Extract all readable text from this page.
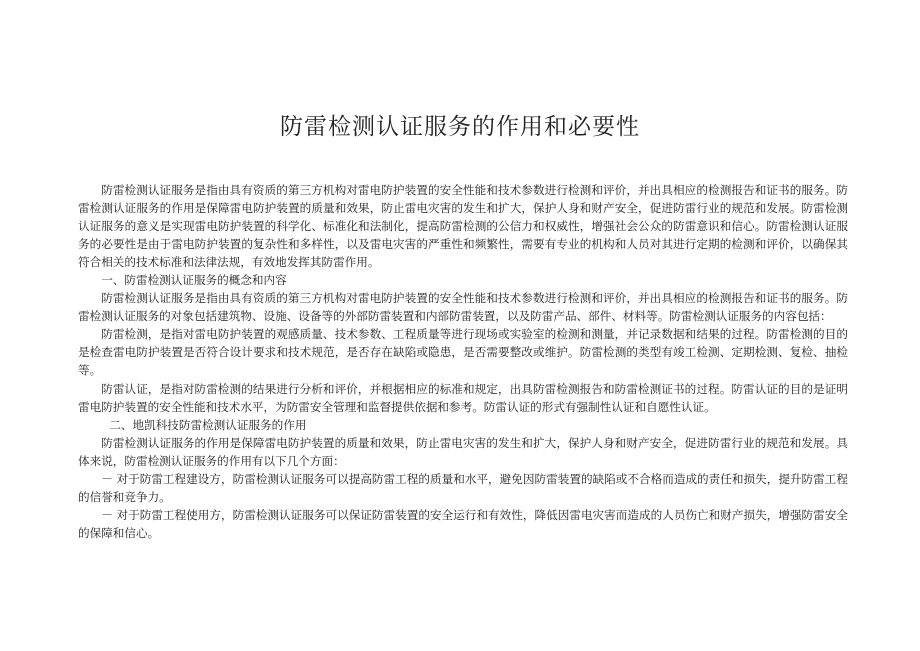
防雷检测认证服务的作用和必要性

防雷检测认证服务是指由具有资质的第三方机构对雷电防护装置的安全性能和技术参数进行检测和评价，并出具相应的检测报告和证书的服务。防雷检测认证服务的作用是保障雷电防护装置的质量和效果，防止雷电灾害的发生和扩大，保护人身和财产安全，促进防雷行业的规范和发展。防雷检测认证服务的意义是实现雷电防护装置的科学化、标准化和法制化，提高防雷检测的公信力和权威性，增强社会公众的防雷意识和信心。防雷检测认证服务的必要性是由于雷电防护装置的复杂性和多样性，以及雷电灾害的严重性和频繁性，需要有专业的机构和人员对其进行定期的检测和评价，以确保其符合相关的技术标准和法律法规，有效地发挥其防雷作用。

一、防雷检测认证服务的概念和内容

防雷检测认证服务是指由具有资质的第三方机构对雷电防护装置的安全性能和技术参数进行检测和评价，并出具相应的检测报告和证书的服务。防雷检测认证服务的对象包括建筑物、设施、设备等的外部防雷装置和内部防雷装置，以及防雷产品、部件、材料等。防雷检测认证服务的内容包括：

防雷检测，是指对雷电防护装置的观感质量、技术参数、工程质量等进行现场或实验室的检测和测量，并记录数据和结果的过程。防雷检测的目的是检查雷电防护装置是否符合设计要求和技术规范，是否存在缺陷或隐患，是否需要整改或维护。防雷检测的类型有竣工检测、定期检测、复检、抽检等。

防雷认证，是指对防雷检测的结果进行分析和评价，并根据相应的标准和规定，出具防雷检测报告和防雷检测证书的过程。防雷认证的目的是证明雷电防护装置的安全性能和技术水平，为防雷安全管理和监督提供依据和参考。防雷认证的形式有强制性认证和自愿性认证。

二、地凯科技防雷检测认证服务的作用

防雷检测认证服务的作用是保障雷电防护装置的质量和效果，防止雷电灾害的发生和扩大，保护人身和财产安全，促进防雷行业的规范和发展。具体来说，防雷检测认证服务的作用有以下几个方面：

－ 对于防雷工程建设方，防雷检测认证服务可以提高防雷工程的质量和水平，避免因防雷装置的缺陷或不合格而造成的责任和损失，提升防雷工程的信誉和竞争力。

－ 对于防雷工程使用方，防雷检测认证服务可以保证防雷装置的安全运行和有效性，降低因雷电灾害而造成的人员伤亡和财产损失，增强防雷安全的保障和信心。
